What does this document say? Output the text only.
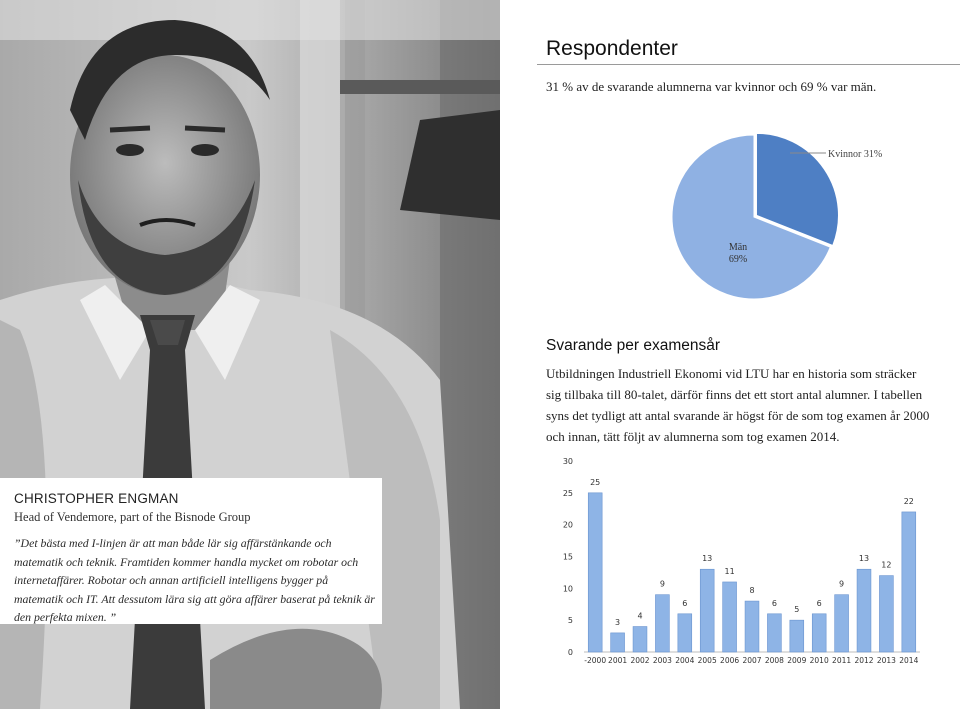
CHRISTOPHER ENGMAN
Head of Vendemore, part of the Bisnode Group
”Det bästa med I-linjen är att man både lär sig affärstänkande och matematik och teknik. Framtiden kommer handla mycket om robotar och internetaffärer. Robotar och annan artificiell intelligens bygger på matematik och IT. Att dessutom lära sig att göra affärer baserat på teknik är den perfekta mixen. ”
Respondenter
31 % av de svarande alumnerna var kvinnor och 69 % var män.
Kvinnor 31%
Män
69%
Svarande per examensår
Utbildningen Industriell Ekonomi vid LTU har en historia som sträcker sig tillbaka till 80-talet, därför finns det ett stort antal alumner. I tabellen syns det tydligt att antal svarande är högst för de som tog examen år 2000 och innan, tätt följt av alumnerna som tog examen 2014.
0
5
10
15
20
25
30
25
-2000
3
2001
4
2002
9
2003
6
2004
13
2005
11
2006
8
2007
6
2008
5
2009
6
2010
9
2011
13
2012
12
2013
22
2014
